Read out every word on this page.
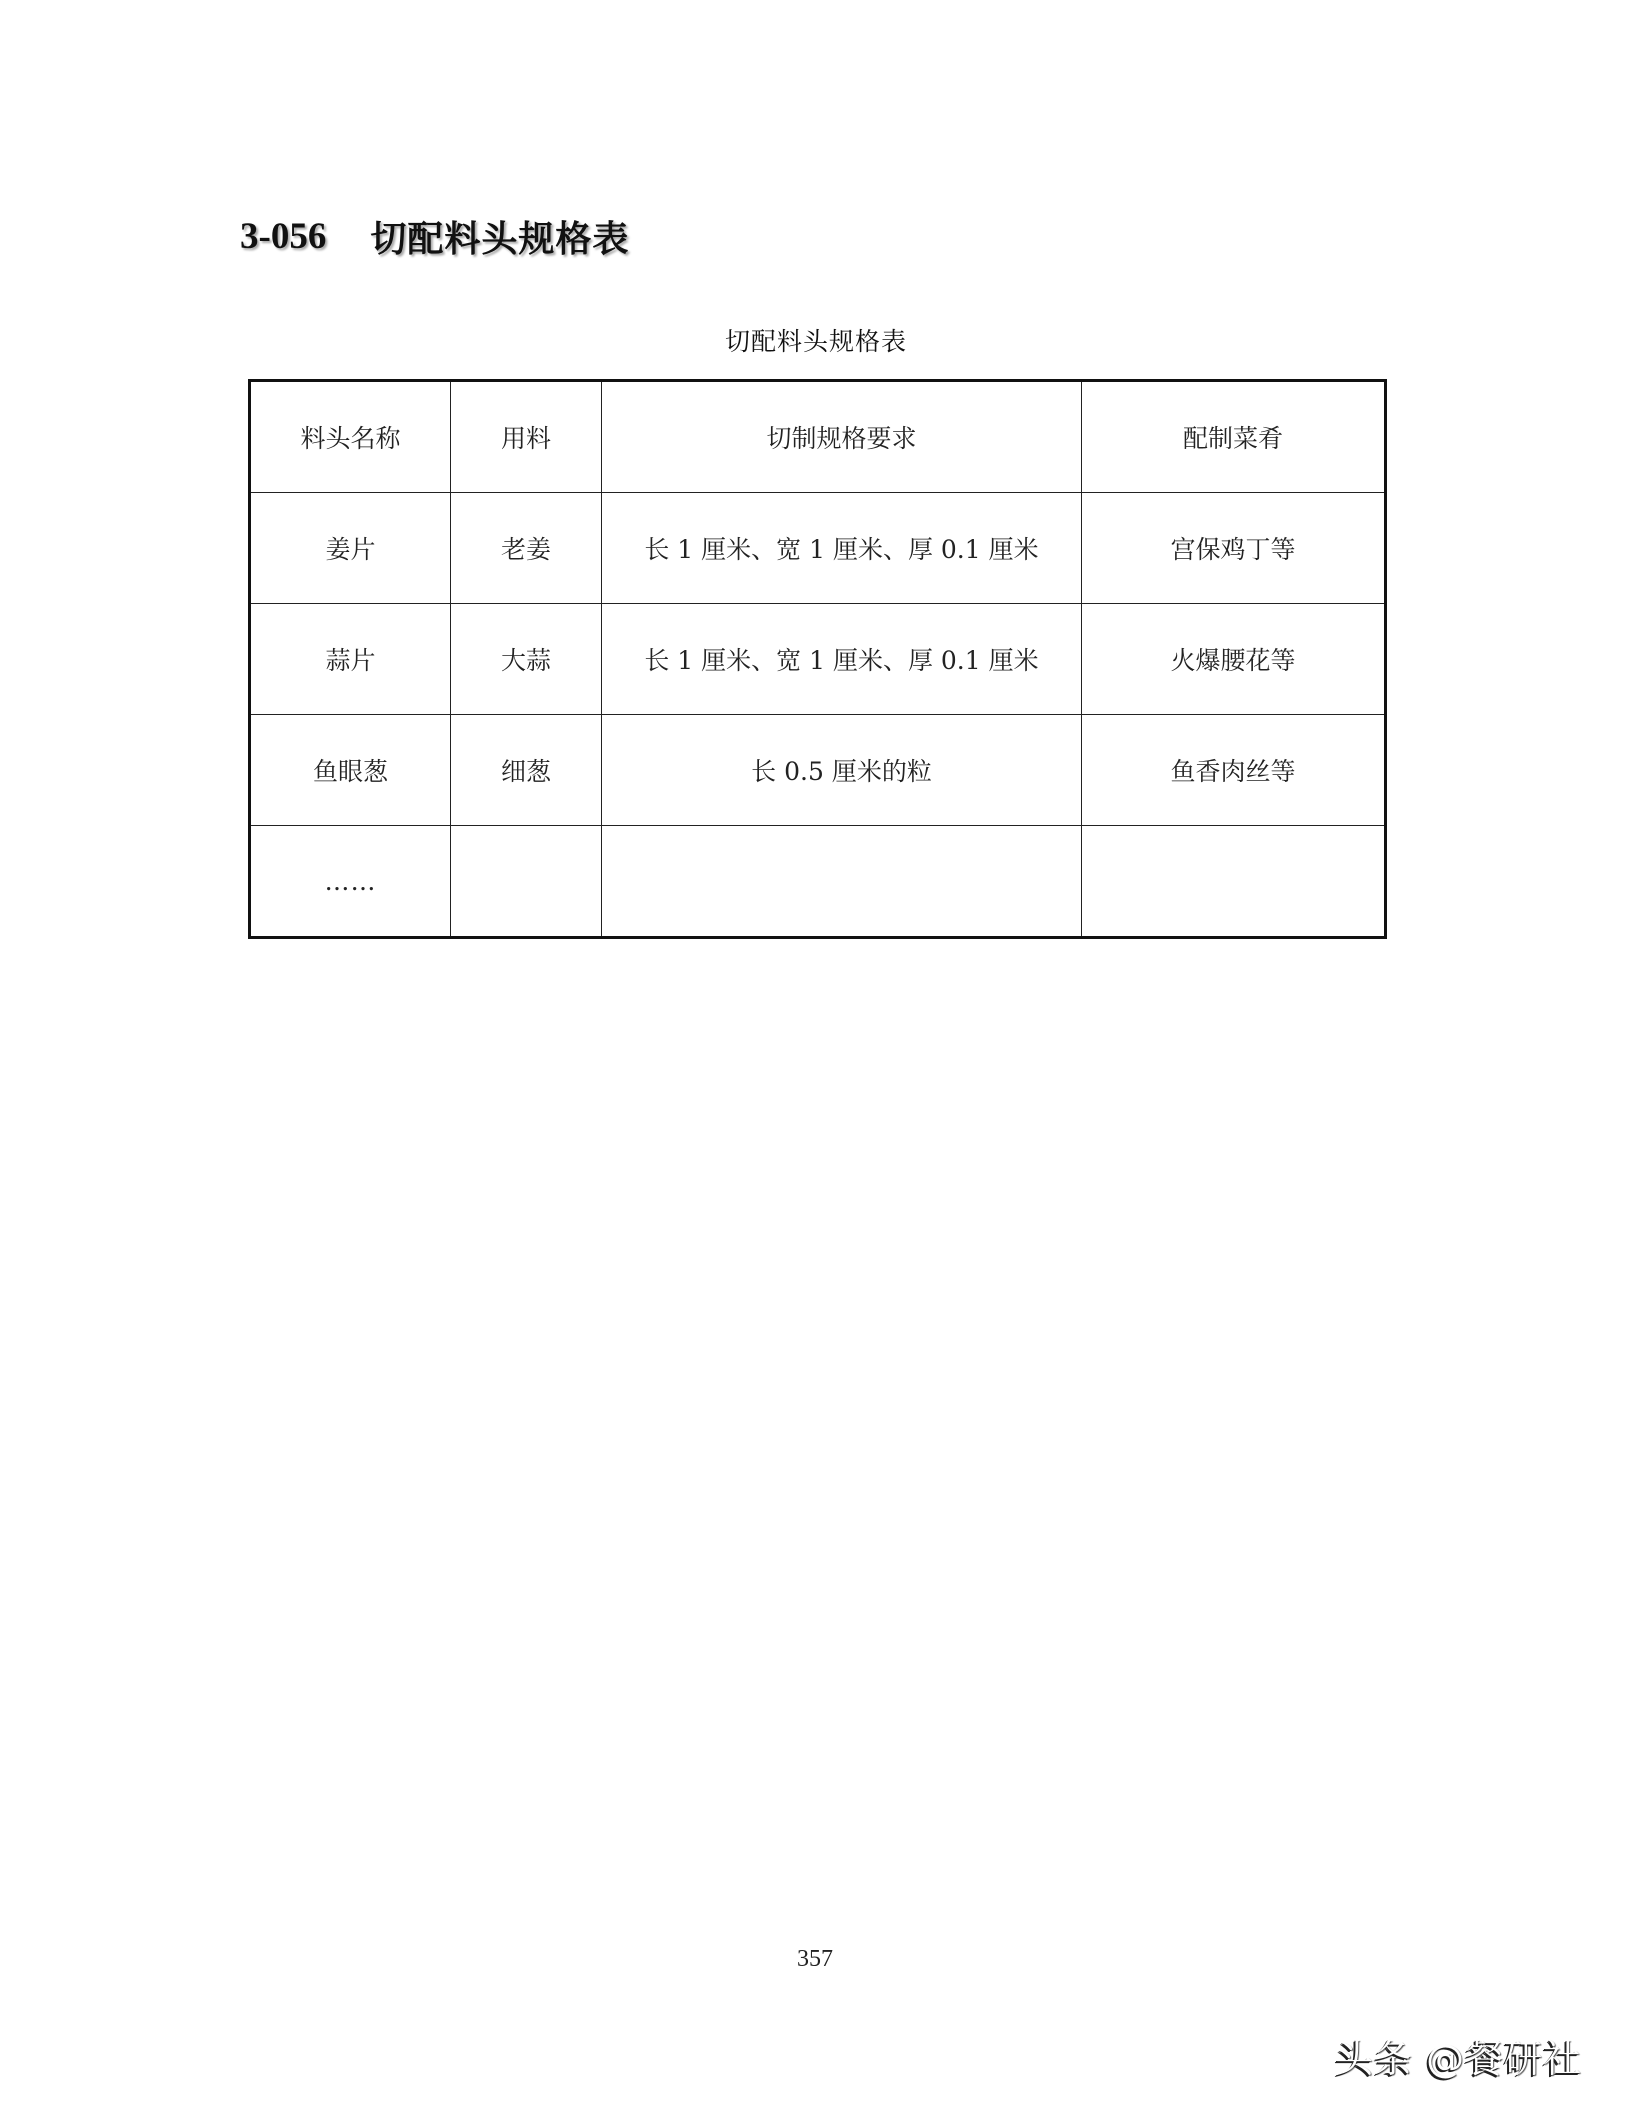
3-056 切配料头规格表
切配料头规格表
料头名称	用料	切制规格要求	配制菜肴
姜片	老姜	长 1 厘米、宽 1 厘米、厚 0.1 厘米	宫保鸡丁等
蒜片	大蒜	长 1 厘米、宽 1 厘米、厚 0.1 厘米	火爆腰花等
鱼眼葱	细葱	长 0.5 厘米的粒	鱼香肉丝等
……			
357
头条 @餐研社
